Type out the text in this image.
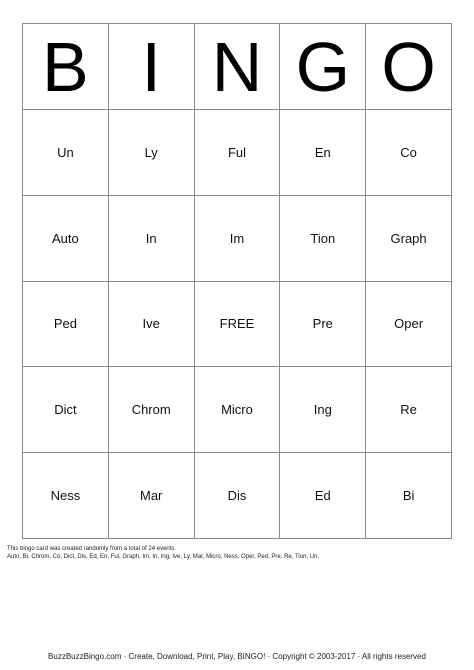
B I N G O
Un	Ly	Ful	En	Co
Auto	In	Im	Tion	Graph
Ped	Ive	FREE	Pre	Oper
Dict	Chrom	Micro	Ing	Re
Ness	Mar	Dis	Ed	Bi
This bingo card was created randomly from a total of 24 events.
Auto, Bi, Chrom, Co, Dict, Dis, Ed, En, Ful, Graph, Im, In, Ing, Ive, Ly, Mar, Micro, Ness, Oper, Ped, Pre, Re, Tion, Un.
BuzzBuzzBingo.com · Create, Download, Print, Play, BINGO! · Copyright © 2003-2017 · All rights reserved
